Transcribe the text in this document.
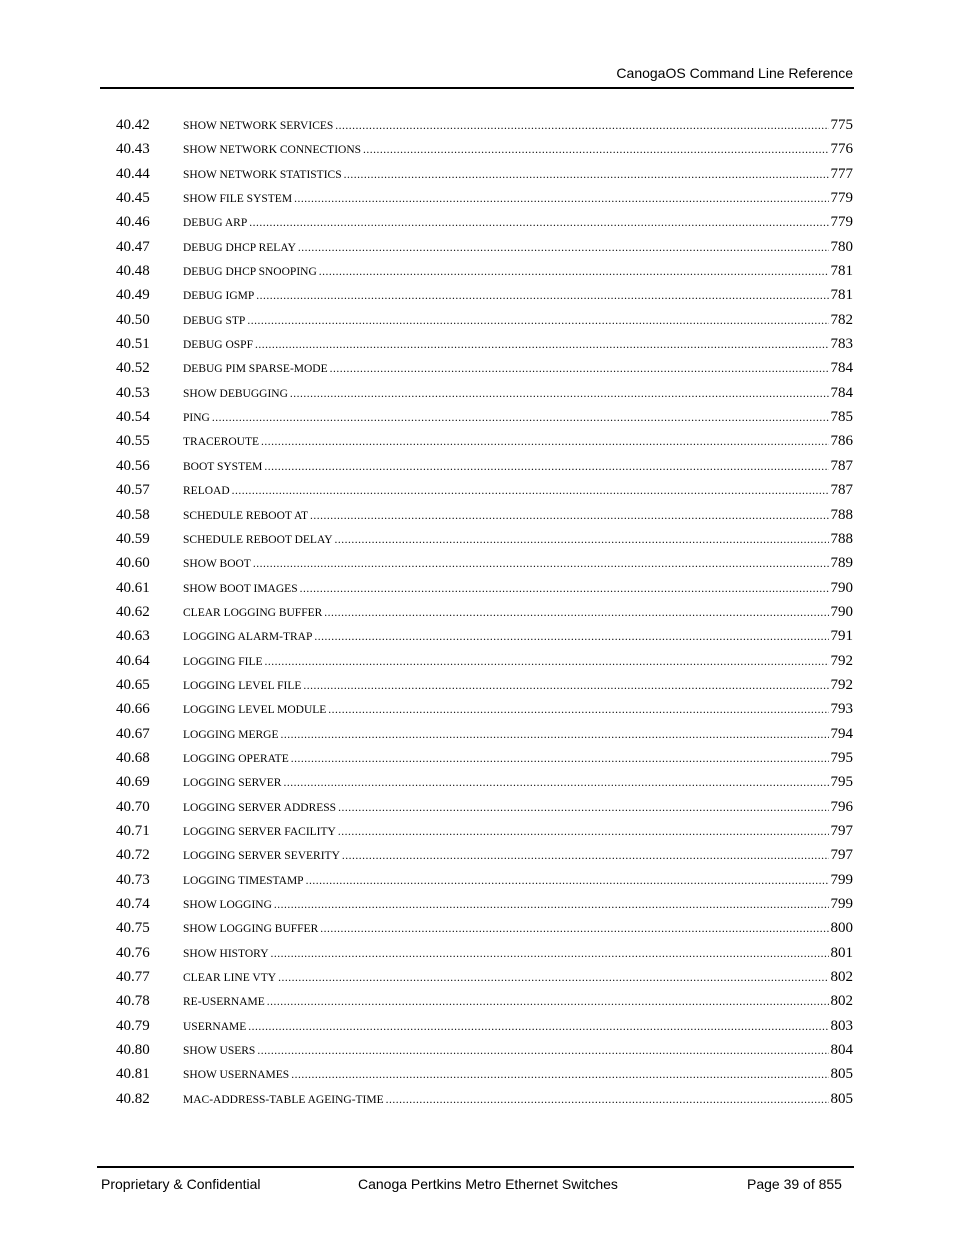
CanogaOS Command Line Reference
40.42	SHOW NETWORK SERVICES .....	775
40.43	SHOW NETWORK CONNECTIONS .....	776
40.44	SHOW NETWORK STATISTICS .....	777
40.45	SHOW FILE SYSTEM .....	779
40.46	DEBUG ARP .....	779
40.47	DEBUG DHCP RELAY .....	780
40.48	DEBUG DHCP SNOOPING .....	781
40.49	DEBUG IGMP .....	781
40.50	DEBUG STP .....	782
40.51	DEBUG OSPF .....	783
40.52	DEBUG PIM SPARSE-MODE .....	784
40.53	SHOW DEBUGGING .....	784
40.54	PING .....	785
40.55	TRACEROUTE .....	786
40.56	BOOT SYSTEM .....	787
40.57	RELOAD .....	787
40.58	SCHEDULE REBOOT AT .....	788
40.59	SCHEDULE REBOOT DELAY .....	788
40.60	SHOW BOOT .....	789
40.61	SHOW BOOT IMAGES .....	790
40.62	CLEAR LOGGING BUFFER .....	790
40.63	LOGGING ALARM-TRAP .....	791
40.64	LOGGING FILE .....	792
40.65	LOGGING LEVEL FILE .....	792
40.66	LOGGING LEVEL MODULE .....	793
40.67	LOGGING MERGE .....	794
40.68	LOGGING OPERATE .....	795
40.69	LOGGING SERVER .....	795
40.70	LOGGING SERVER ADDRESS .....	796
40.71	LOGGING SERVER FACILITY .....	797
40.72	LOGGING SERVER SEVERITY .....	797
40.73	LOGGING TIMESTAMP .....	799
40.74	SHOW LOGGING .....	799
40.75	SHOW LOGGING BUFFER .....	800
40.76	SHOW HISTORY .....	801
40.77	CLEAR LINE VTY .....	802
40.78	RE-USERNAME .....	802
40.79	USERNAME .....	803
40.80	SHOW USERS .....	804
40.81	SHOW USERNAMES .....	805
40.82	MAC-ADDRESS-TABLE AGEING-TIME .....	805
Proprietary & Confidential	Canoga Pertkins Metro Ethernet Switches	Page 39 of 855
